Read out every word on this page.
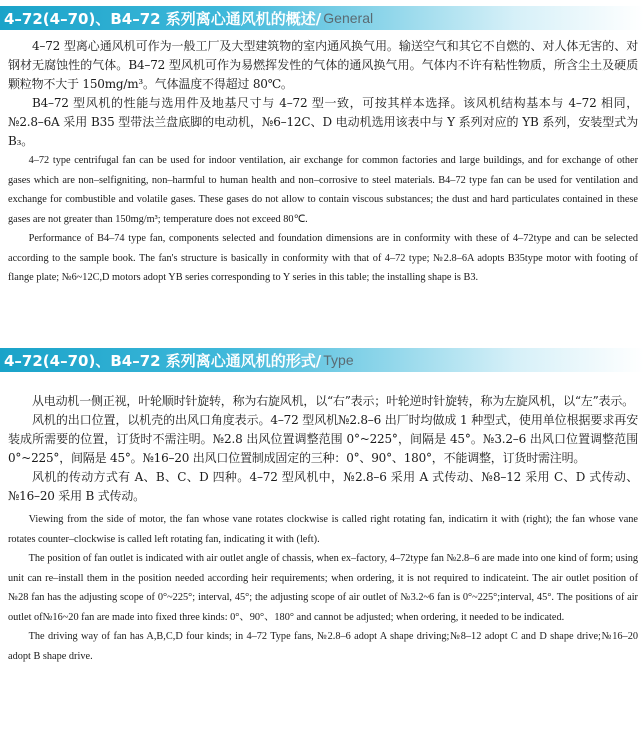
4–72(4–70)、B4–72 系列离心通风机的概述/ General

4–72 型离心通风机可作为一般工厂及大型建筑物的室内通风换气用。输送空气和其它不自燃的、对人体无害的、对钢材无腐蚀性的气体。B4–72 型风机可作为易燃挥发性的气体的通风换气用。气体内不许有粘性物质，所含尘土及硬质颗粒物不大于 150mg/m³。气体温度不得超过 80℃。

B4–72 型风机的性能与选用件及地基尺寸与 4–72 型一致，可按其样本选择。该风机结构基本与 4–72 相同，№2.8–6A 采用 B35 型带法兰盘底脚的电动机，№6–12C、D 电动机选用该表中与 Y 系列对应的 YB 系列，安装型式为 B₃。

4–72 type centrifugal fan can be used for indoor ventilation, air exchange for common factories and large buildings, and for exchange of other gases which are non–selfigniting, non–harmful to human health and non–corrosive to steel materials. B4–72 type fan can be used for ventilation and exchange for combustible and volatile gases. These gases do not allow to contain viscous substances; the dust and hard particulates contained in these gases are not greater than 150mg/m³; temperature does not exceed 80℃.

Performance of B4–74 type fan, components selected and foundation dimensions are in conformity with these of 4–72type and can be selected according to the sample book. The fan's structure is basically in conformity with that of 4–72 type; №2.8–6A adopts B35type motor with footing of flange plate; №6~12C,D motors adopt YB series corresponding to Y series in this table; the installing shape is B3.

4–72(4–70)、B4–72 系列离心通风机的形式/ Type

从电动机一侧正视，叶轮顺时针旋转，称为右旋风机，以“右”表示；叶轮逆时针旋转，称为左旋风机，以“左”表示。

风机的出口位置，以机壳的出风口角度表示。4–72 型风机№2.8–6 出厂时均做成 1 种型式，使用单位根据要求再安装成所需要的位置，订货时不需注明。№2.8 出风位置调整范围 0°~225°，间隔是 45°。№3.2–6 出风口位置调整范围 0°~225°，间隔是 45°。№16–20 出风口位置制成固定的三种：0°、90°、180°，不能调整，订货时需注明。

风机的传动方式有 A、B、C、D 四种。4–72 型风机中，№2.8–6 采用 A 式传动、№8–12 采用 C、D 式传动、№16–20 采用 B 式传动。

Viewing from the side of motor, the fan whose vane rotates clockwise is called right rotating fan, indicatirn it with (right); the fan whose vane rotates counter–clockwise is called left rotating fan, indicating it with (left).

The position of fan outlet is indicated with air outlet angle of chassis, when ex–factory, 4–72type fan №2.8–6 are made into one kind of form; using unit can re–install them in the position needed according heir requirements; when ordering, it is not required to indicateint. The air outlet position of №28 fan has the adjusting scope of 0°~225°; interval, 45°; the adjusting scope of air outlet of №3.2~6 fan is 0°~225°;interval, 45°. The positions of air outlet of№16~20 fan are made into fixed three kinds: 0°、90°、180° and cannot be adjusted; when ordering, it needed to be indicated.

The driving way of fan has A,B,C,D four kinds; in 4–72 Type fans, №2.8–6 adopt A shape driving;№8–12 adopt C and D shape drive;№16–20 adopt B shape drive.
